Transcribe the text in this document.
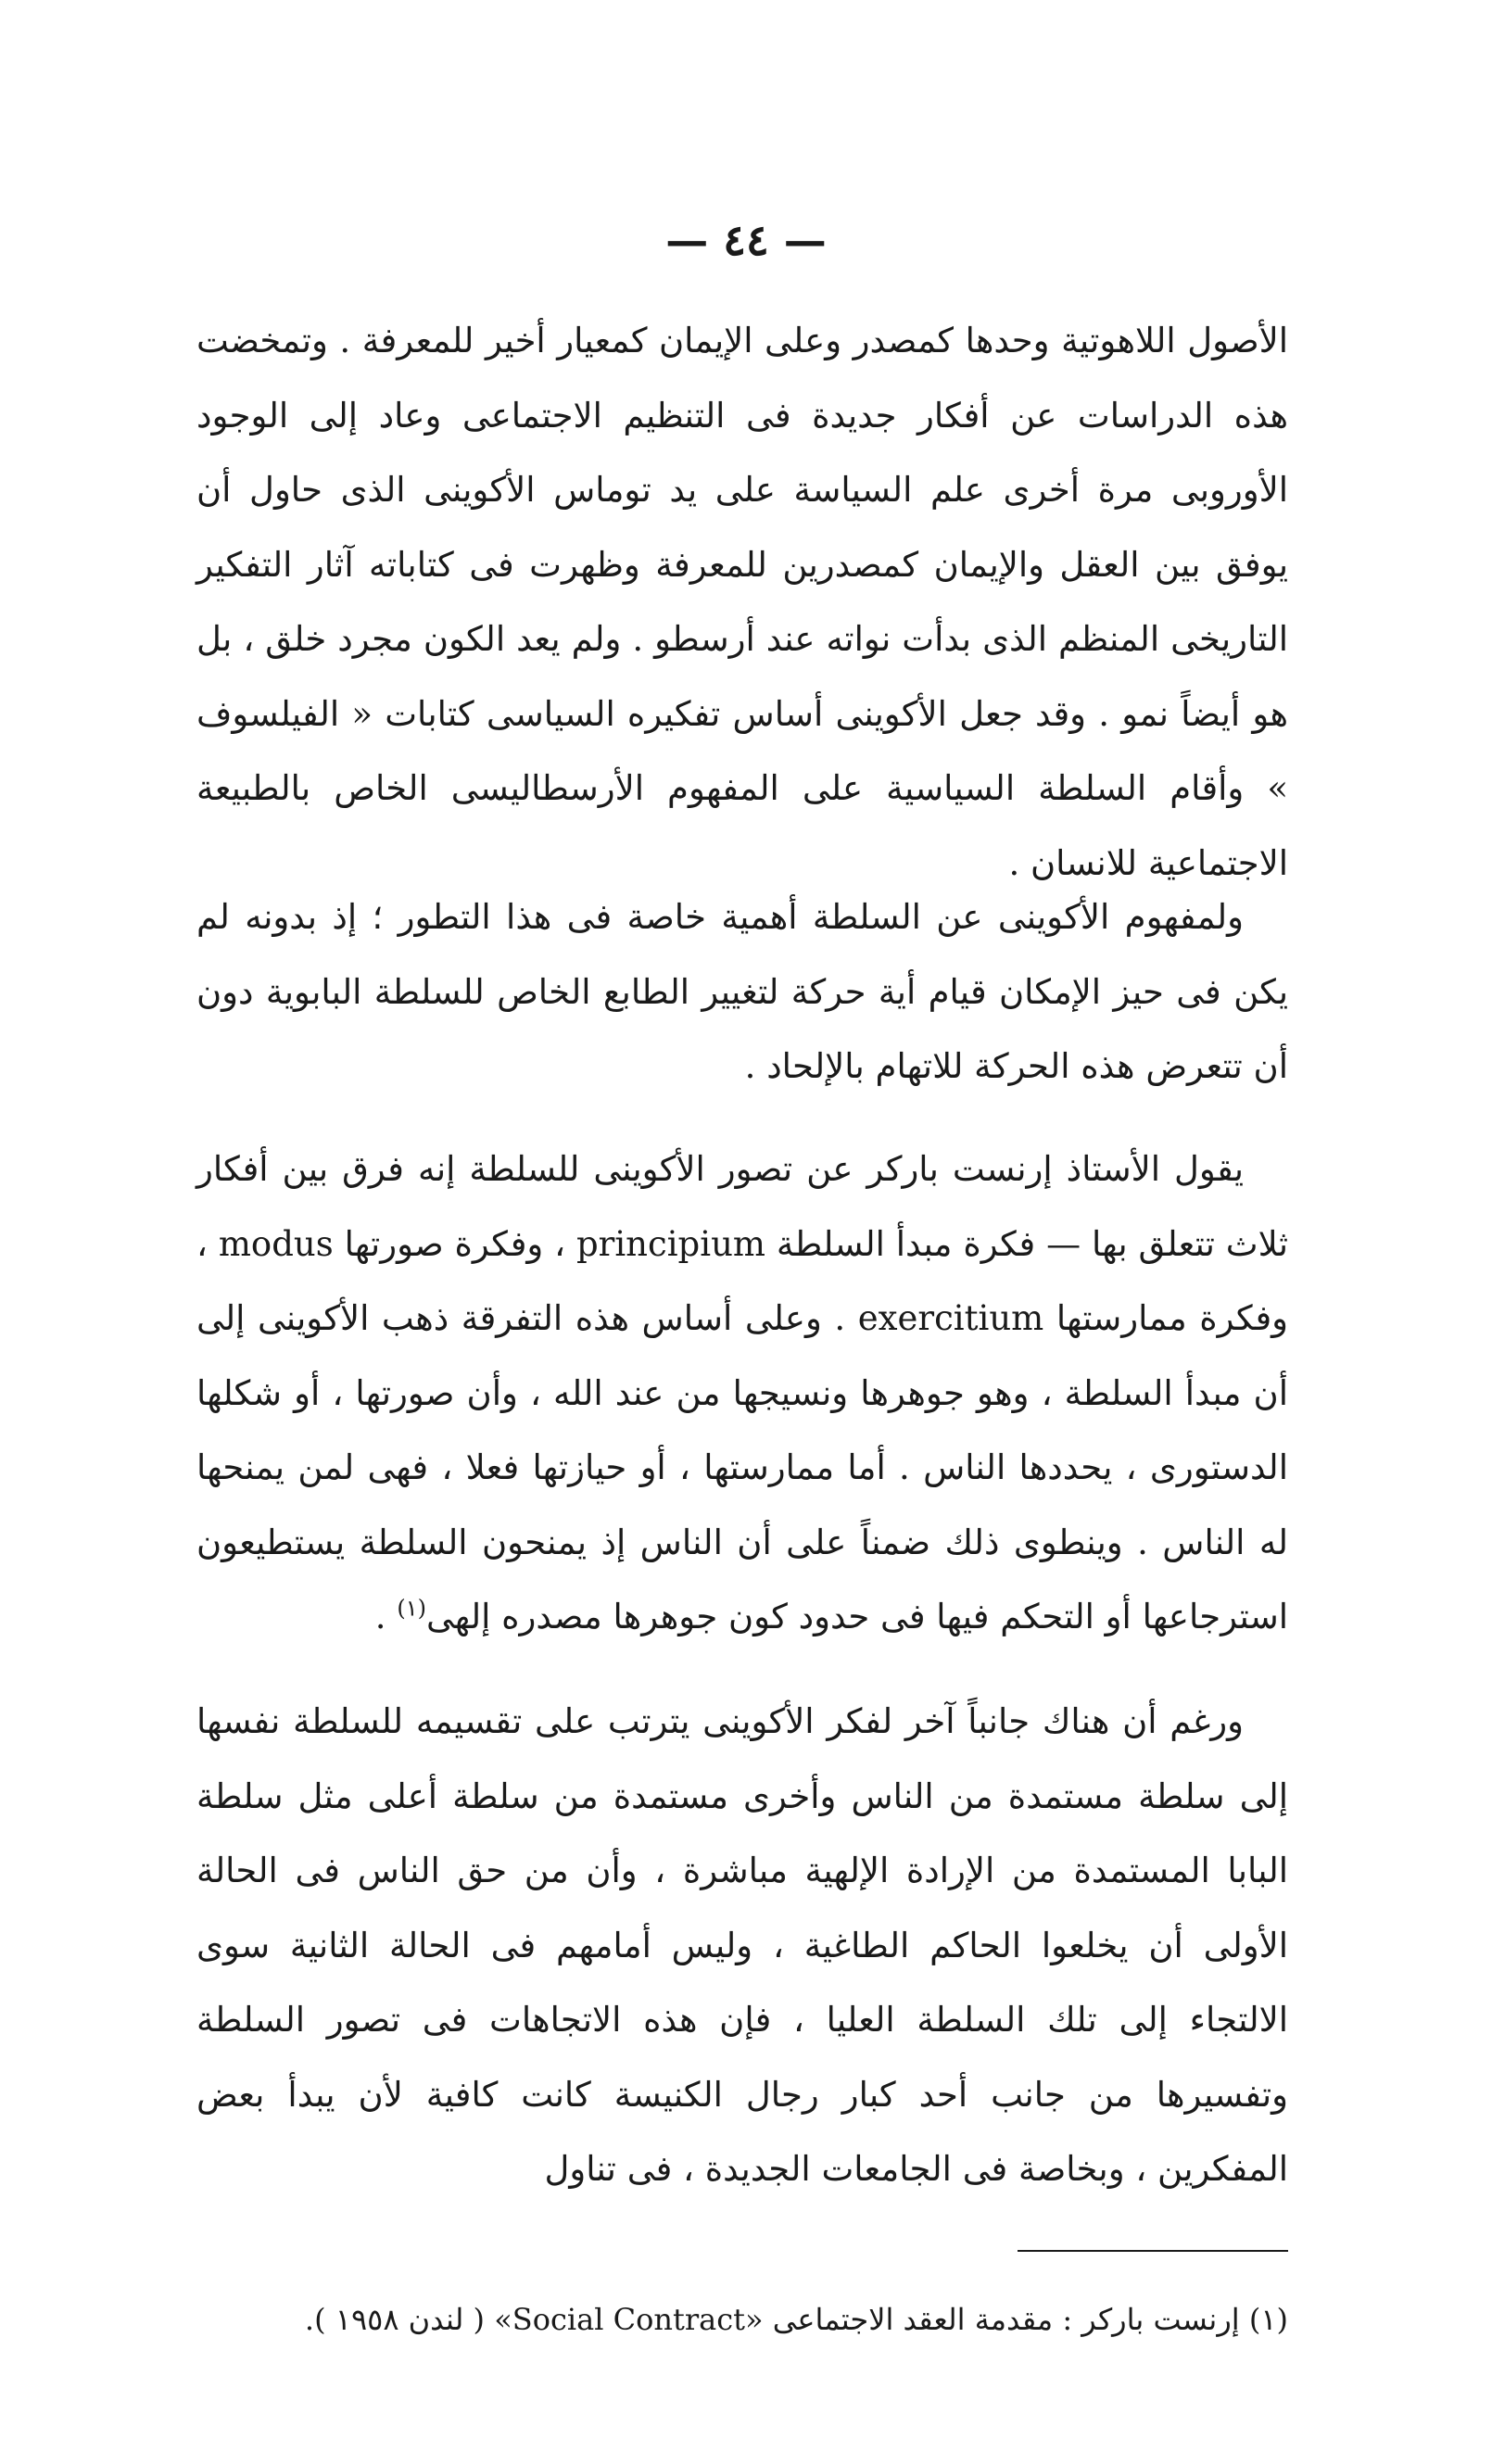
— ٤٤ —

الأصول اللاهوتية وحدها كمصدر وعلى الإيمان كمعيار أخير للمعرفة . وتمخضت هذه الدراسات عن أفكار جديدة فى التنظيم الاجتماعى وعاد إلى الوجود الأوروبى مرة أخرى علم السياسة على يد توماس الأكوينى الذى حاول أن يوفق بين العقل والإيمان كمصدرين للمعرفة وظهرت فى كتاباته آثار التفكير التاريخى المنظم الذى بدأت نواته عند أرسطو . ولم يعد الكون مجرد خلق ، بل هو أيضاً نمو . وقد جعل الأكوينى أساس تفكيره السياسى كتابات « الفيلسوف » وأقام السلطة السياسية على المفهوم الأرسطاليسى الخاص بالطبيعة الاجتماعية للانسان .

ولمفهوم الأكوينى عن السلطة أهمية خاصة فى هذا التطور ؛ إذ بدونه لم يكن فى حيز الإمكان قيام أية حركة لتغيير الطابع الخاص للسلطة البابوية دون أن تتعرض هذه الحركة للاتهام بالإلحاد .

يقول الأستاذ إرنست باركر عن تصور الأكوينى للسلطة إنه فرق بين أفكار ثلاث تتعلق بها — فكرة مبدأ السلطة principium ، وفكرة صورتها modus ، وفكرة ممارستها exercitium . وعلى أساس هذه التفرقة ذهب الأكوينى إلى أن مبدأ السلطة ، وهو جوهرها ونسيجها من عند الله ، وأن صورتها ، أو شكلها الدستورى ، يحددها الناس . أما ممارستها ، أو حيازتها فعلا ، فهى لمن يمنحها له الناس . وينطوى ذلك ضمناً على أن الناس إذ يمنحون السلطة يستطيعون استرجاعها أو التحكم فيها فى حدود كون جوهرها مصدره إلهى$^{(١)}$ .

ورغم أن هناك جانباً آخر لفكر الأكوينى يترتب على تقسيمه للسلطة نفسها إلى سلطة مستمدة من الناس وأخرى مستمدة من سلطة أعلى مثل سلطة البابا المستمدة من الإرادة الإلهية مباشرة ، وأن من حق الناس فى الحالة الأولى أن يخلعوا الحاكم الطاغية ، وليس أمامهم فى الحالة الثانية سوى الالتجاء إلى تلك السلطة العليا ، فإن هذه الاتجاهات فى تصور السلطة وتفسيرها من جانب أحد كبار رجال الكنيسة كانت كافية لأن يبدأ بعض المفكرين ، وبخاصة فى الجامعات الجديدة ، فى تناول

(١) إرنست باركر : مقدمة العقد الاجتماعى «Social Contract» ( لندن ١٩٥٨ ).
